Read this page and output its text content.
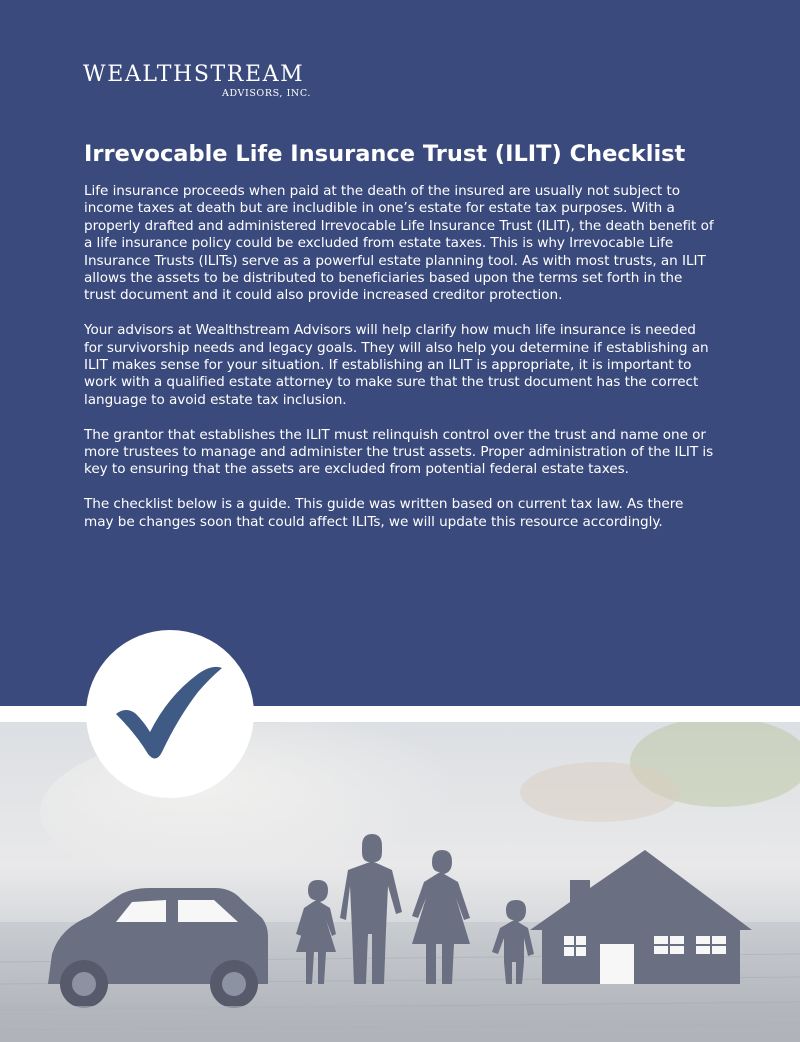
WEALTHSTREAM
ADVISORS, INC.
Irrevocable Life Insurance Trust (ILIT) Checklist

Life insurance proceeds when paid at the death of the insured are usually not subject to income taxes at death but are includible in one’s estate for estate tax purposes. With a properly drafted and administered Irrevocable Life Insurance Trust (ILIT), the death benefit of a life insurance policy could be excluded from estate taxes. This is why Irrevocable Life Insurance Trusts (ILITs) serve as a powerful estate planning tool. As with most trusts, an ILIT allows the assets to be distributed to beneficiaries based upon the terms set forth in the trust document and it could also provide increased creditor protection.

Your advisors at Wealthstream Advisors will help clarify how much life insurance is needed for survivorship needs and legacy goals. They will also help you determine if establishing an ILIT makes sense for your situation. If establishing an ILIT is appropriate, it is important to work with a qualified estate attorney to make sure that the trust document has the correct language to avoid estate tax inclusion.

The grantor that establishes the ILIT must relinquish control over the trust and name one or more trustees to manage and administer the trust assets. Proper administration of the ILIT is key to ensuring that the assets are excluded from potential federal estate taxes.

The checklist below is a guide. This guide was written based on current tax law. As there may be changes soon that could affect ILITs, we will update this resource accordingly.
